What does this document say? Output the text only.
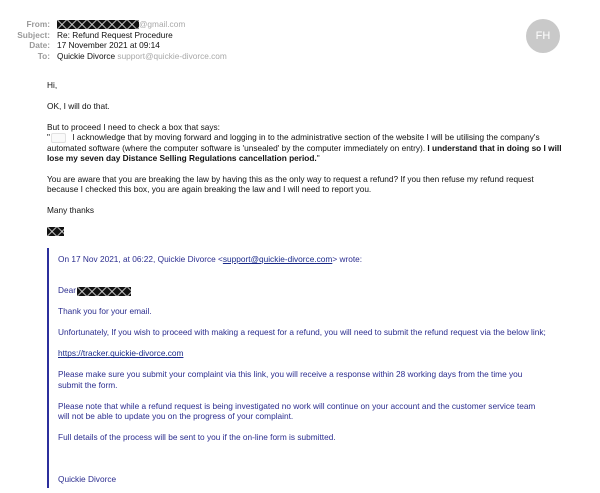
From:	@gmail.com
Subject: Re: Refund Request Procedure
Date: 17 November 2021 at 09:14
To: Quickie Divorce support@quickie-divorce.com
FH

Hi,

OK, I will do that.

But to proceed I need to check a box that says:

" I acknowledge that by moving forward and logging in to the administrative section of the website I will be utilising the company's automated software (where the computer software is 'unsealed' by the computer immediately on entry). I understand that in doing so I will lose my seven day Distance Selling Regulations cancellation period."

You are aware that you are breaking the law by having this as the only way to request a refund? If you then refuse my refund request because I checked this box, you are again breaking the law and I will need to report you.

Many thanks

On 17 Nov 2021, at 06:22, Quickie Divorce <support@quickie-divorce.com> wrote:

Dear

Thank you for your email.

Unfortunately, If you wish to proceed with making a request for a refund, you will need to submit the refund request via the below link;

https://tracker.quickie-divorce.com

Please make sure you submit your complaint via this link, you will receive a response within 28 working days from the time you submit the form.

Please note that while a refund request is being investigated no work will continue on your account and the customer service team will not be able to update you on the progress of your complaint.

Full details of the process will be sent to you if the on-line form is submitted.

Quickie Divorce
